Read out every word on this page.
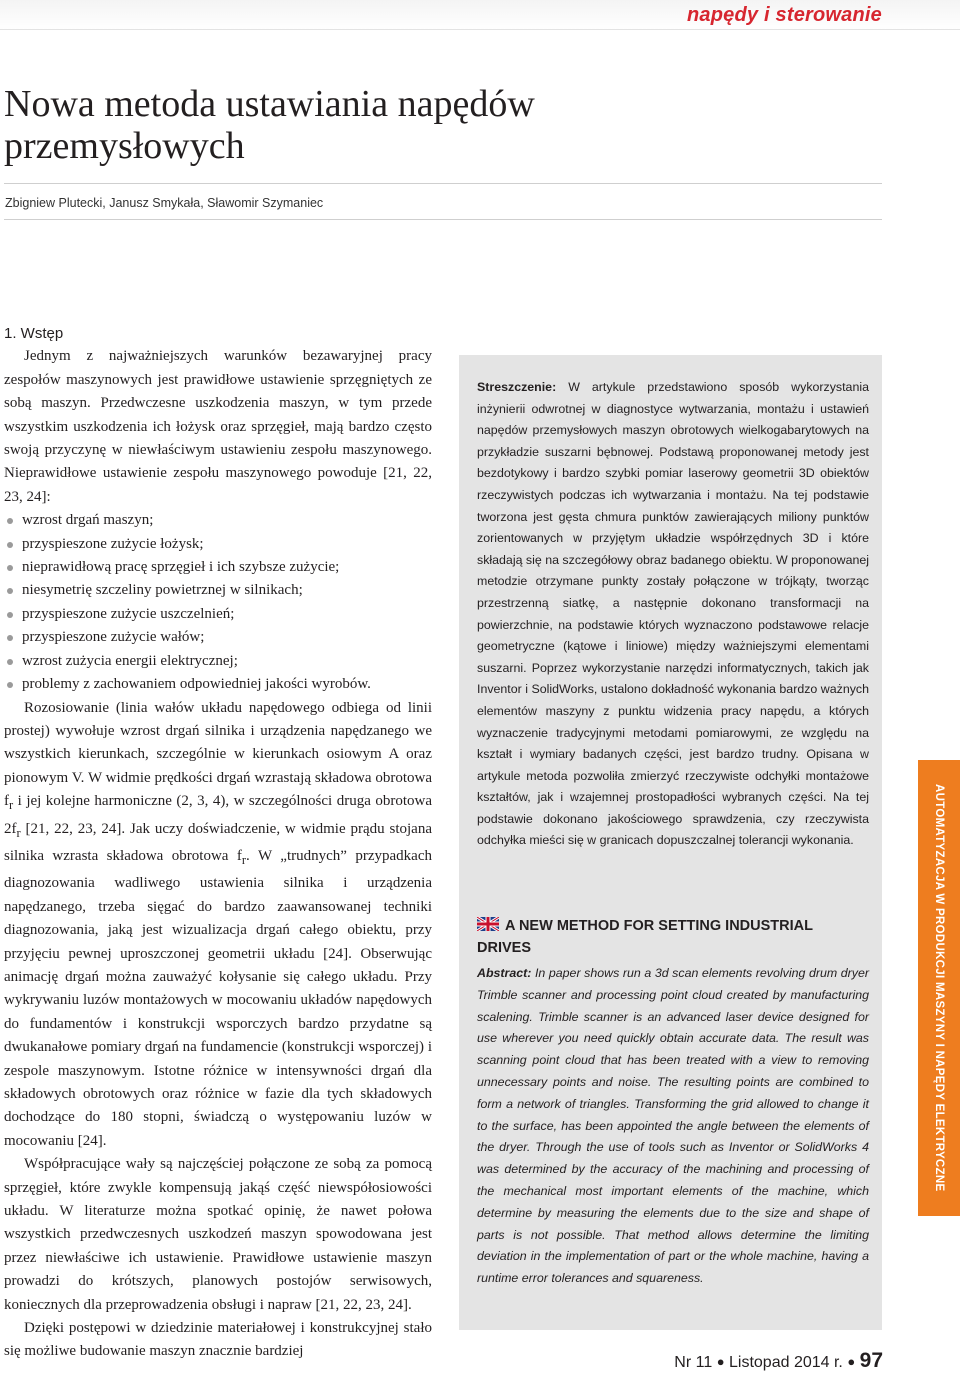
napędy i sterowanie
Nowa metoda ustawiania napędów przemysłowych
Zbigniew Plutecki, Janusz Smykała, Sławomir Szymaniec
1. Wstęp

Jednym z najważniejszych warunków bezawaryjnej pracy zespołów maszynowych jest prawidłowe ustawienie sprzęgniętych ze sobą maszyn. Przedwczesne uszkodzenia maszyn, w tym przede wszystkim uszkodzenia ich łożysk oraz sprzęgieł, mają bardzo często swoją przyczynę w niewłaściwym ustawieniu zespołu maszynowego. Nieprawidłowe ustawienie zespołu maszynowego powoduje [21, 22, 23, 24]:

wzrost drgań maszyn;
przyspieszone zużycie łożysk;
nieprawidłową pracę sprzęgieł i ich szybsze zużycie;
niesymetrię szczeliny powietrznej w silnikach;
przyspieszone zużycie uszczelnień;
przyspieszone zużycie wałów;
wzrost zużycia energii elektrycznej;
problemy z zachowaniem odpowiedniej jakości wyrobów.

Rozosiowanie (linia wałów układu napędowego odbiega od linii prostej) wywołuje wzrost drgań silnika i urządzenia napędzanego we wszystkich kierunkach, szczególnie w kierunkach osiowym A oraz pionowym V. W widmie prędkości drgań wzrastają składowa obrotowa $f_r$ i jej kolejne harmoniczne (2, 3, 4), w szczególności druga obrotowa $2f_r$ [21, 22, 23, 24]. Jak uczy doświadczenie, w widmie prądu stojana silnika wzrasta składowa obrotowa $f_r$. W „trudnych” przypadkach diagnozowania wadliwego ustawienia silnika i urządzenia napędzanego, trzeba sięgać do bardzo zaawansowanej techniki diagnozowania, jaką jest wizualizacja drgań całego obiektu, przy przyjęciu pewnej uproszczonej geometrii układu [24]. Obserwując animację drgań można zauważyć kołysanie się całego układu. Przy wykrywaniu luzów montażowych w mocowaniu układów napędowych do fundamentów i konstrukcji wsporczych bardzo przydatne są dwukanałowe pomiary drgań na fundamencie (konstrukcji wsporczej) i zespole maszynowym. Istotne różnice w intensywności drgań dla składowych obrotowych oraz różnice w fazie dla tych składowych dochodzące do 180 stopni, świadczą o występowaniu luzów w mocowaniu [24].

Współpracujące wały są najczęściej połączone ze sobą za pomocą sprzęgieł, które zwykle kompensują jakąś część niewspółosiowości układu. W literaturze można spotkać opinię, że nawet połowa wszystkich przedwczesnych uszkodzeń maszyn spowodowana jest przez niewłaściwe ich ustawienie. Prawidłowe ustawienie maszyn prowadzi do krótszych, planowych postojów serwisowych, koniecznych dla przeprowadzenia obsługi i napraw [21, 22, 23, 24].

Dzięki postępowi w dziedzinie materiałowej i konstrukcyjnej stało się możliwe budowanie maszyn znacznie bardziej

Streszczenie: W artykule przedstawiono sposób wykorzystania inżynierii odwrotnej w diagnostyce wytwarzania, montażu i ustawień napędów przemysłowych maszyn obrotowych wielkogabarytowych na przykładzie suszarni bębnowej. Podstawą proponowanej metody jest bezdotykowy i bardzo szybki pomiar laserowy geometrii 3D obiektów rzeczywistych podczas ich wytwarzania i montażu. Na tej podstawie tworzona jest gęsta chmura punktów zawierających miliony punktów zorientowanych w przyjętym układzie współrzędnych 3D i które składają się na szczegółowy obraz badanego obiektu. W proponowanej metodzie otrzymane punkty zostały połączone w trójkąty, tworząc przestrzenną siatkę, a następnie dokonano transformacji na powierzchnie, na podstawie których wyznaczono podstawowe relacje geometryczne (kątowe i liniowe) między ważniejszymi elementami suszarni. Poprzez wykorzystanie narzędzi informatycznych, takich jak Inventor i SolidWorks, ustalono dokładność wykonania bardzo ważnych elementów maszyny z punktu widzenia pracy napędu, a których wyznaczenie tradycyjnymi metodami pomiarowymi, ze względu na kształt i wymiary badanych części, jest bardzo trudny. Opisana w artykule metoda pozwoliła zmierzyć rzeczywiste odchyłki montażowe kształtów, jak i wzajemnej prostopadłości wybranych części. Na tej podstawie dokonano jakościowego sprawdzenia, czy rzeczywista odchyłka mieści się w granicach dopuszczalnej tolerancji wykonania.
A NEW METHOD FOR SETTING INDUSTRIAL DRIVES
Abstract: In paper shows run a 3d scan elements revolving drum dryer Trimble scanner and processing point cloud created by manufacturing scalening. Trimble scanner is an advanced laser device designed for use wherever you need quickly obtain accurate data. The result was scanning point cloud that has been treated with a view to removing unnecessary points and noise. The resulting points are combined to form a network of triangles. Transforming the grid allowed to change it to the surface, has been appointed the angle between the elements of the dryer. Through the use of tools such as Inventor or SolidWorks 4 was determined by the accuracy of the machining and processing of the mechanical most important elements of the machine, which determine by measuring the elements due to the size and shape of parts is not possible. That method allows determine the limiting deviation in the implementation of part or the whole machine, having a runtime error tolerances and squareness.
AUTOMATYZACJA W PRODUKCJI MASZYNY I NAPĘDY ELEKTRYCZNE
Nr 11 ● Listopad 2014 r. ● 97
